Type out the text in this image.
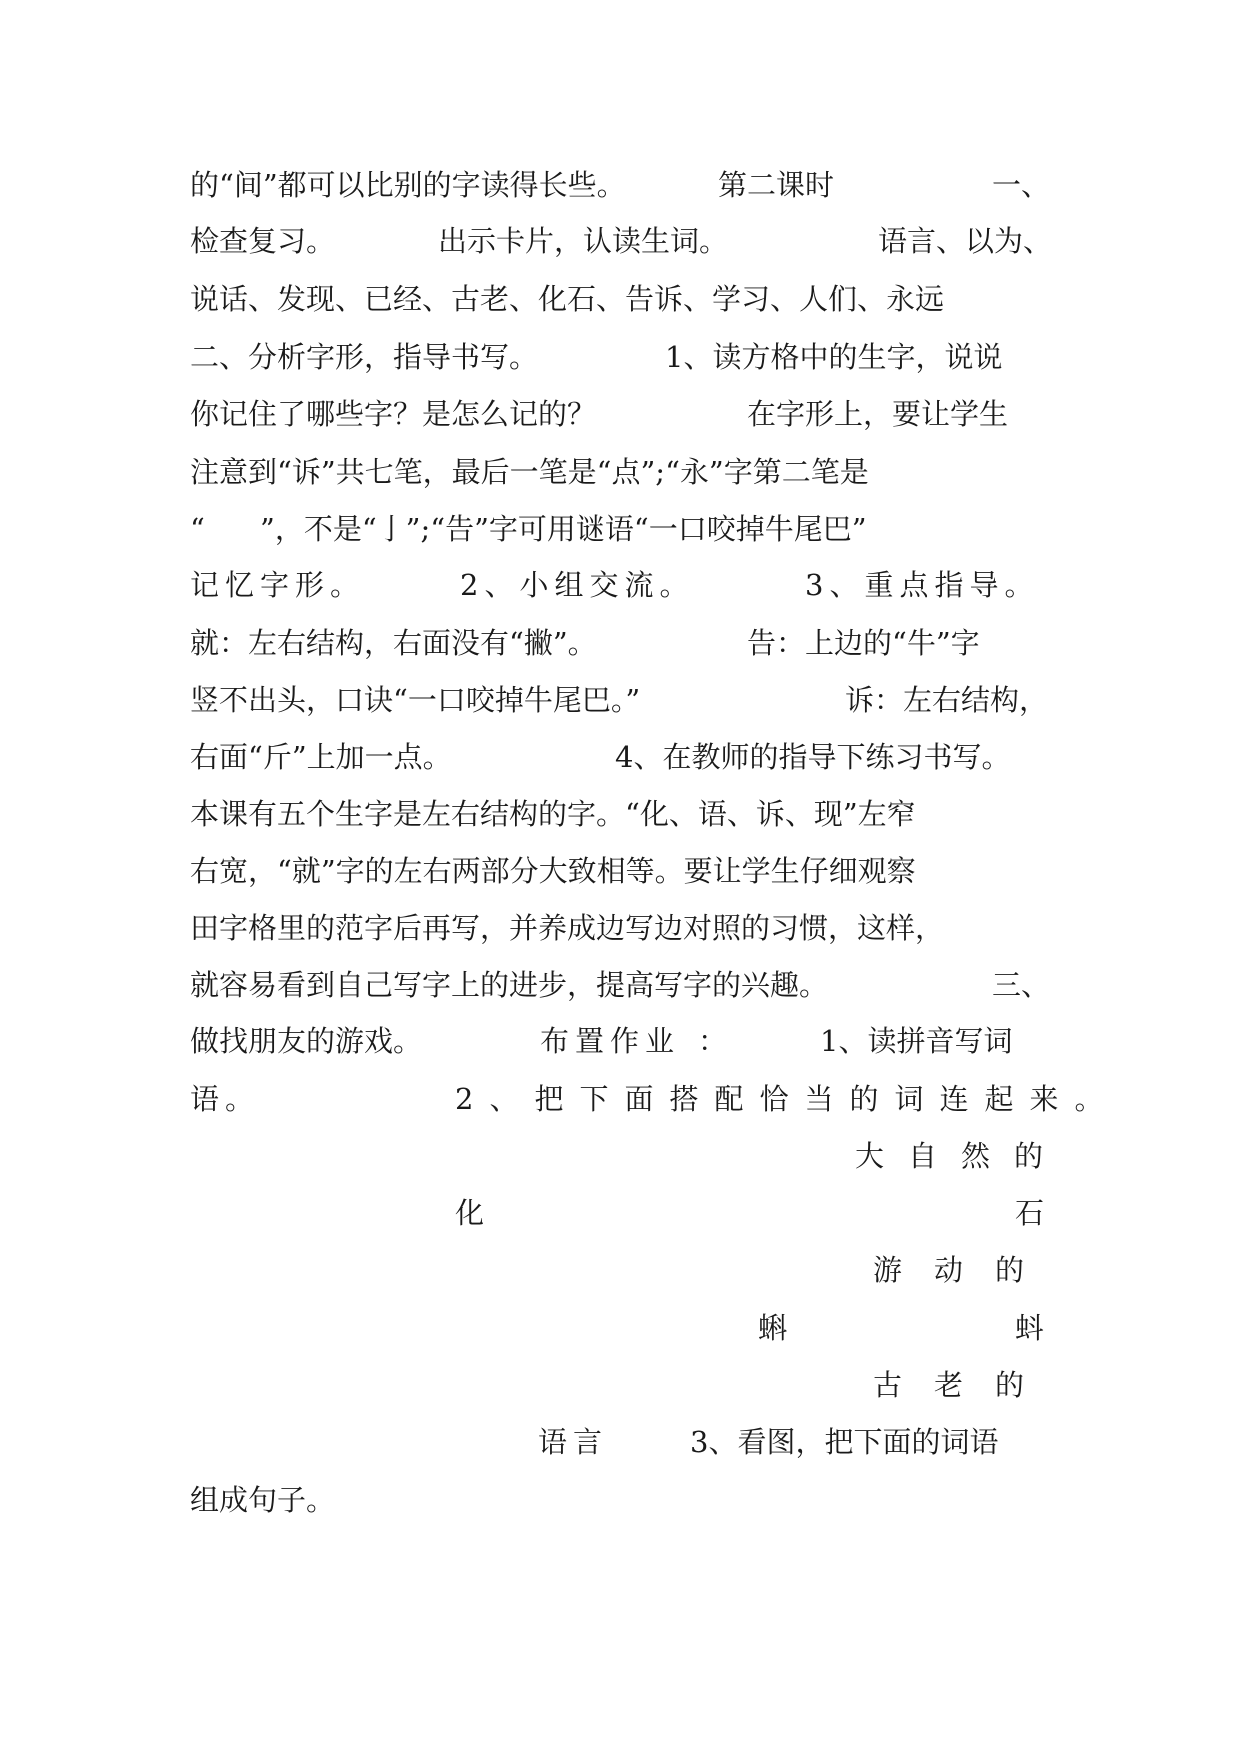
的“间”都可以比别的字读得长些。	第二课时	一、
检查复习。	出示卡片，认读生词。	语言、以为、
说话、发现、已经、古老、化石、告诉、学习、人们、永远
二、分析字形，指导书写。	1、读方格中的生字，说说
你记住了哪些字？是怎么记的？	在字形上，要让学生
注意到“诉”共七笔，最后一笔是“点”;“永”字第二笔是
“ ”，不是“亅”;“告”字可用谜语“一口咬掉牛尾巴”
记忆字形。	2、小组交流。	3、重点指导。
就：左右结构，右面没有“撇”。	告：上边的“牛”字
竖不出头，口诀“一口咬掉牛尾巴。”	诉：左右结构，
右面“斤”上加一点。	4、在教师的指导下练习书写。
本课有五个生字是左右结构的字。“化、语、诉、现”左窄
右宽，“就”字的左右两部分大致相等。要让学生仔细观察
田字格里的范字后再写，并养成边写边对照的习惯，这样，
就容易看到自己写字上的进步，提高写字的兴趣。	三、
做找朋友的游戏。	布置作业 ：	1、读拼音写词
语。	2、把下面搭配恰当的词连起来。
大自然的
化	石
游动的
蝌	蚪
古老的
语言	3、看图，把下面的词语
组成句子。
